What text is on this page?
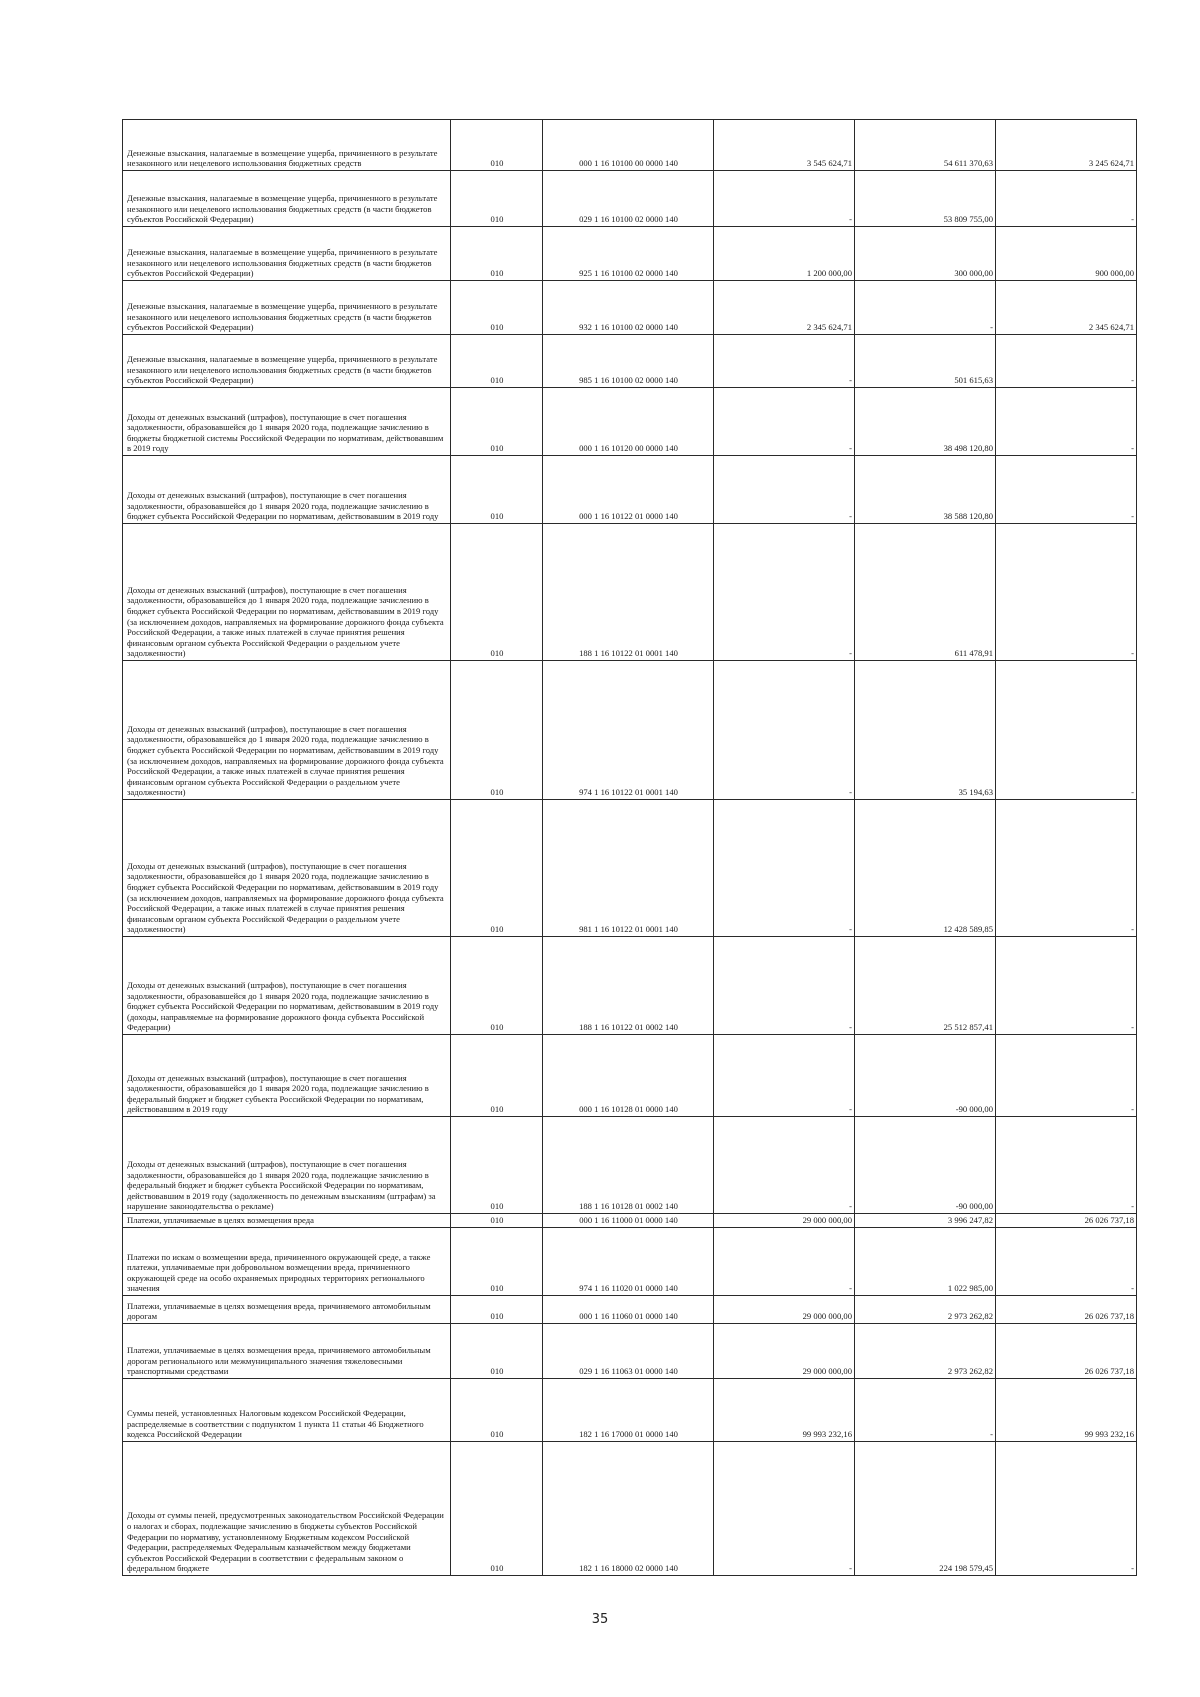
Денежные взыскания, налагаемые в возмещение ущерба, причиненного в результате незаконного или нецелевого использования бюджетных средств	010	000 1 16 10100 00 0000 140	3 545 624,71	54 611 370,63	3 245 624,71
Денежные взыскания, налагаемые в возмещение ущерба, причиненного в результате незаконного или нецелевого использования бюджетных средств (в части бюджетов субъектов Российской Федерации)	010	029 1 16 10100 02 0000 140	-	53 809 755,00	-
Денежные взыскания, налагаемые в возмещение ущерба, причиненного в результате незаконного или нецелевого использования бюджетных средств (в части бюджетов субъектов Российской Федерации)	010	925 1 16 10100 02 0000 140	1 200 000,00	300 000,00	900 000,00
Денежные взыскания, налагаемые в возмещение ущерба, причиненного в результате незаконного или нецелевого использования бюджетных средств (в части бюджетов субъектов Российской Федерации)	010	932 1 16 10100 02 0000 140	2 345 624,71	-	2 345 624,71
Денежные взыскания, налагаемые в возмещение ущерба, причиненного в результате незаконного или нецелевого использования бюджетных средств (в части бюджетов субъектов Российской Федерации)	010	985 1 16 10100 02 0000 140	-	501 615,63	-
Доходы от денежных взысканий (штрафов), поступающие в счет погашения задолженности, образовавшейся до 1 января 2020 года, подлежащие зачислению в бюджеты бюджетной системы Российской Федерации по нормативам, действовавшим в 2019 году	010	000 1 16 10120 00 0000 140	-	38 498 120,80	-
Доходы от денежных взысканий (штрафов), поступающие в счет погашения задолженности, образовавшейся до 1 января 2020 года, подлежащие зачислению в бюджет субъекта Российской Федерации по нормативам, действовавшим в 2019 году	010	000 1 16 10122 01 0000 140	-	38 588 120,80	-
Доходы от денежных взысканий (штрафов), поступающие в счет погашения задолженности, образовавшейся до 1 января 2020 года, подлежащие зачислению в бюджет субъекта Российской Федерации по нормативам, действовавшим в 2019 году (за исключением доходов, направляемых на формирование дорожного фонда субъекта Российской Федерации, а также иных платежей в случае принятия решения финансовым органом субъекта Российской Федерации о раздельном учете задолженности)	010	188 1 16 10122 01 0001 140	-	611 478,91	-
Доходы от денежных взысканий (штрафов), поступающие в счет погашения задолженности, образовавшейся до 1 января 2020 года, подлежащие зачислению в бюджет субъекта Российской Федерации по нормативам, действовавшим в 2019 году (за исключением доходов, направляемых на формирование дорожного фонда субъекта Российской Федерации, а также иных платежей в случае принятия решения финансовым органом субъекта Российской Федерации о раздельном учете задолженности)	010	974 1 16 10122 01 0001 140	-	35 194,63	-
Доходы от денежных взысканий (штрафов), поступающие в счет погашения задолженности, образовавшейся до 1 января 2020 года, подлежащие зачислению в бюджет субъекта Российской Федерации по нормативам, действовавшим в 2019 году (за исключением доходов, направляемых на формирование дорожного фонда субъекта Российской Федерации, а также иных платежей в случае принятия решения финансовым органом субъекта Российской Федерации о раздельном учете задолженности)	010	981 1 16 10122 01 0001 140	-	12 428 589,85	-
Доходы от денежных взысканий (штрафов), поступающие в счет погашения задолженности, образовавшейся до 1 января 2020 года, подлежащие зачислению в бюджет субъекта Российской Федерации по нормативам, действовавшим в 2019 году (доходы, направляемые на формирование дорожного фонда субъекта Российской Федерации)	010	188 1 16 10122 01 0002 140	-	25 512 857,41	-
Доходы от денежных взысканий (штрафов), поступающие в счет погашения задолженности, образовавшейся до 1 января 2020 года, подлежащие зачислению в федеральный бюджет и бюджет субъекта Российской Федерации по нормативам, действовавшим в 2019 году	010	000 1 16 10128 01 0000 140	-	-90 000,00	-
Доходы от денежных взысканий (штрафов), поступающие в счет погашения задолженности, образовавшейся до 1 января 2020 года, подлежащие зачислению в федеральный бюджет и бюджет субъекта Российской Федерации по нормативам, действовавшим в 2019 году (задолженность по денежным взысканиям (штрафам) за нарушение законодательства о рекламе)	010	188 1 16 10128 01 0002 140	-	-90 000,00	-
Платежи, уплачиваемые в целях возмещения вреда	010	000 1 16 11000 01 0000 140	29 000 000,00	3 996 247,82	26 026 737,18
Платежи по искам о возмещении вреда, причиненного окружающей среде, а также платежи, уплачиваемые при добровольном возмещении вреда, причиненного окружающей среде на особо охраняемых природных территориях регионального значения	010	974 1 16 11020 01 0000 140	-	1 022 985,00	-
Платежи, уплачиваемые в целях возмещения вреда, причиняемого автомобильным дорогам	010	000 1 16 11060 01 0000 140	29 000 000,00	2 973 262,82	26 026 737,18
Платежи, уплачиваемые в целях возмещения вреда, причиняемого автомобильным дорогам регионального или межмуниципального значения тяжеловесными транспортными средствами	010	029 1 16 11063 01 0000 140	29 000 000,00	2 973 262,82	26 026 737,18
Суммы пеней, установленных Налоговым кодексом Российской Федерации, распределяемые в соответствии с подпунктом 1 пункта 11 статьи 46 Бюджетного кодекса Российской Федерации	010	182 1 16 17000 01 0000 140	99 993 232,16	-	99 993 232,16
Доходы от суммы пеней, предусмотренных законодательством Российской Федерации о налогах и сборах, подлежащие зачислению в бюджеты субъектов Российской Федерации по нормативу, установленному Бюджетным кодексом Российской Федерации, распределяемых Федеральным казначейством между бюджетами субъектов Российской Федерации в соответствии с федеральным законом о федеральном бюджете	010	182 1 16 18000 02 0000 140	-	224 198 579,45	-
35
